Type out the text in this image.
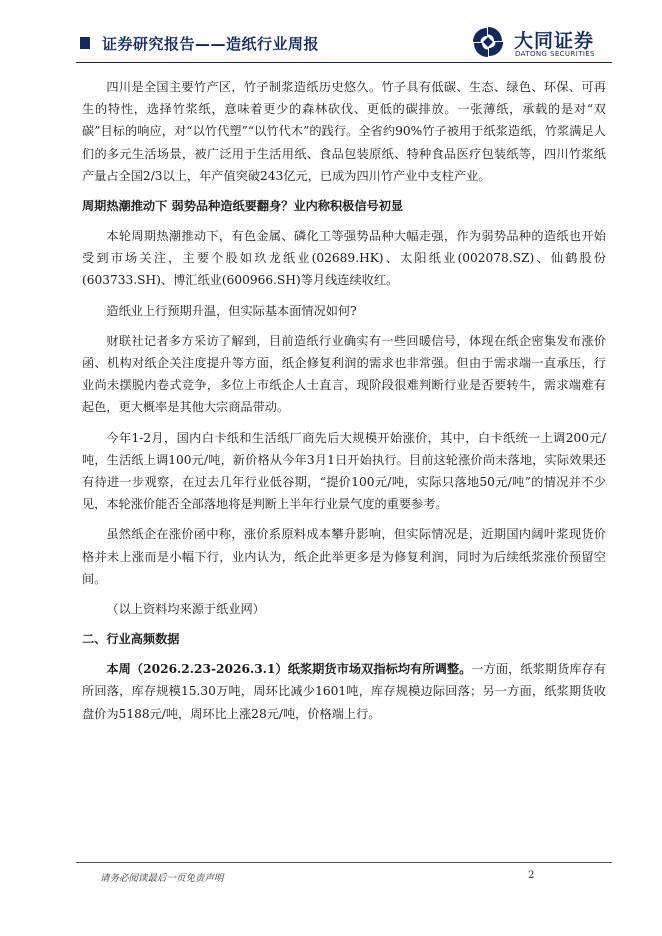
证券研究报告——造纸行业周报	大同证券
DATONG SECURITIES

四川是全国主要竹产区，竹子制浆造纸历史悠久。竹子具有低碳、生态、绿色、环保、可再生的特性，选择竹浆纸，意味着更少的森林砍伐、更低的碳排放。一张薄纸，承载的是对“双碳”目标的响应，对“以竹代塑”“以竹代木”的践行。全省约90%竹子被用于纸浆造纸，竹浆满足人们的多元生活场景，被广泛用于生活用纸、食品包装原纸、特种食品医疗包装纸等，四川竹浆纸产量占全国2/3以上，年产值突破243亿元，已成为四川竹产业中支柱产业。

周期热潮推动下 弱势品种造纸要翻身？业内称积极信号初显

本轮周期热潮推动下，有色金属、磷化工等强势品种大幅走强，作为弱势品种的造纸也开始受到市场关注，主要个股如玖龙纸业(02689.HK)、太阳纸业(002078.SZ)、仙鹤股份(603733.SH)、博汇纸业(600966.SH)等月线连续收红。

造纸业上行预期升温，但实际基本面情况如何?

财联社记者多方采访了解到，目前造纸行业确实有一些回暖信号，体现在纸企密集发布涨价函、机构对纸企关注度提升等方面，纸企修复利润的需求也非常强。但由于需求端一直承压，行业尚未摆脱内卷式竞争，多位上市纸企人士直言，现阶段很难判断行业是否要转牛，需求端难有起色，更大概率是其他大宗商品带动。

今年1-2月，国内白卡纸和生活纸厂商先后大规模开始涨价，其中，白卡纸统一上调200元/吨，生活纸上调100元/吨，新价格从今年3月1日开始执行。目前这轮涨价尚未落地，实际效果还有待进一步观察，在过去几年行业低谷期，“提价100元/吨，实际只落地50元/吨”的情况并不少见，本轮涨价能否全部落地将是判断上半年行业景气度的重要参考。

虽然纸企在涨价函中称，涨价系原料成本攀升影响，但实际情况是，近期国内阔叶浆现货价格并未上涨而是小幅下行，业内认为，纸企此举更多是为修复利润，同时为后续纸浆涨价预留空间。

（以上资料均来源于纸业网）

二、行业高频数据

本周（2026.2.23-2026.3.1）纸浆期货市场双指标均有所调整。一方面，纸浆期货库存有所回落，库存规模15.30万吨，周环比减少1601吨，库存规模边际回落；另一方面，纸浆期货收盘价为5188元/吨，周环比上涨28元/吨，价格端上行。

请务必阅读最后一页免责声明	2
